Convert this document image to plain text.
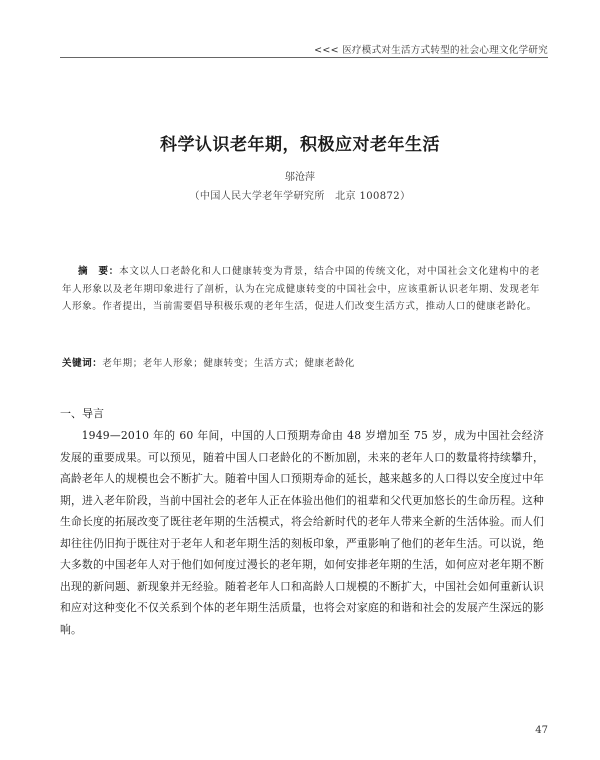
<<< 医疗模式对生活方式转型的社会心理文化学研究
科学认识老年期，积极应对老年生活
邬沧萍
（中国人民大学老年学研究所　北京 100872）
摘　要：本文以人口老龄化和人口健康转变为背景，结合中国的传统文化，对中国社会文化建构中的老年人形象以及老年期印象进行了剖析，认为在完成健康转变的中国社会中，应该重新认识老年期、发现老年人形象。作者提出，当前需要倡导积极乐观的老年生活，促进人们改变生活方式，推动人口的健康老龄化。
关键词：老年期；老年人形象；健康转变；生活方式；健康老龄化
一、导言
1949—2010 年的 60 年间，中国的人口预期寿命由 48 岁增加至 75 岁，成为中国社会经济发展的重要成果。可以预见，随着中国人口老龄化的不断加剧，未来的老年人口的数量将持续攀升，高龄老年人的规模也会不断扩大。随着中国人口预期寿命的延长，越来越多的人口得以安全度过中年期，进入老年阶段，当前中国社会的老年人正在体验出他们的祖辈和父代更加悠长的生命历程。这种生命长度的拓展改变了既往老年期的生活模式，将会给新时代的老年人带来全新的生活体验。而人们却往往仍旧拘于既往对于老年人和老年期生活的刻板印象，严重影响了他们的老年生活。可以说，绝大多数的中国老年人对于他们如何度过漫长的老年期，如何安排老年期的生活，如何应对老年期不断出现的新问题、新现象并无经验。随着老年人口和高龄人口规模的不断扩大，中国社会如何重新认识和应对这种变化不仅关系到个体的老年期生活质量，也将会对家庭的和谐和社会的发展产生深远的影响。
47
